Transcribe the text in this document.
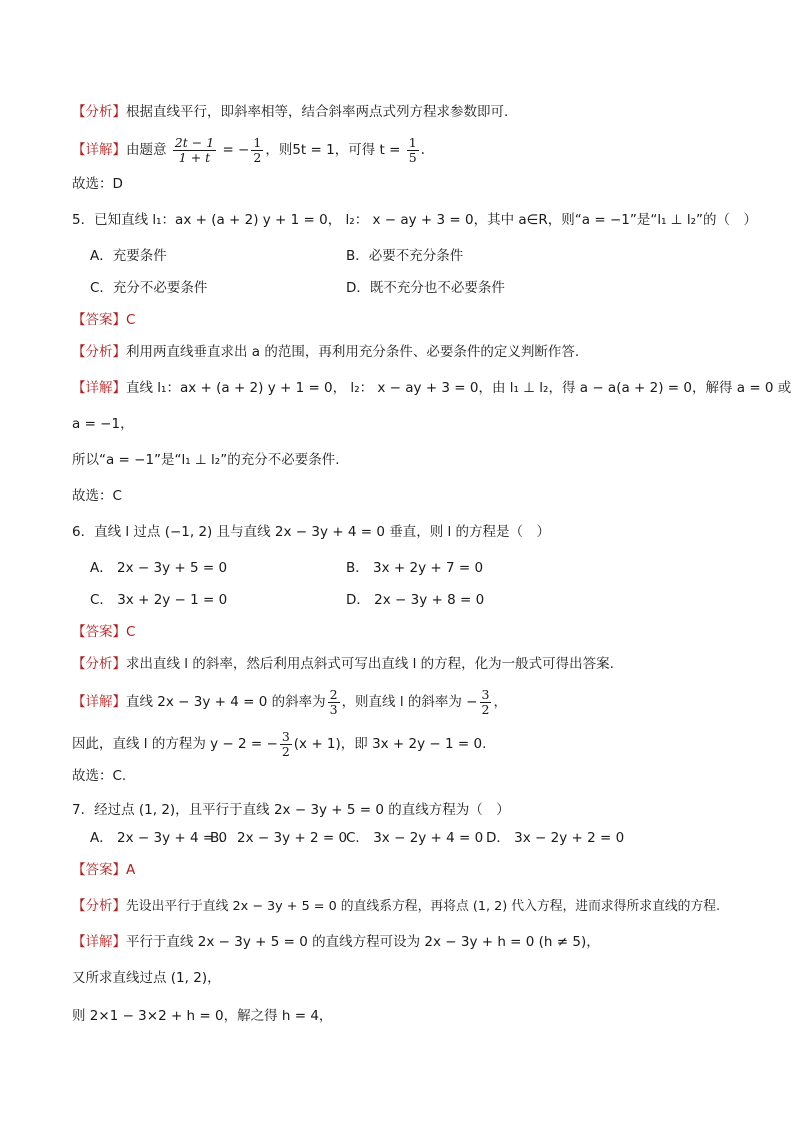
【分析】根据直线平行，即斜率相等，结合斜率两点式列方程求参数即可.
【详解】由题意 $\frac{2t - 1}{1 + t}$ = − $\frac{1}{2}$ ，则5t = 1，可得 $t = \frac{1}{5}$ .
故选：D
5．已知直线 l₁：ax + (a + 2) y + 1 = 0， l₂： x − ay + 3 = 0，其中 a∈R，则“a = −1”是“l₁ ⊥ l₂”的（　）
A．充要条件	B．必要不充分条件
C．充分不必要条件	D．既不充分也不必要条件
【答案】C
【分析】利用两直线垂直求出 a 的范围，再利用充分条件、必要条件的定义判断作答.
【详解】直线 l₁：ax + (a + 2) y + 1 = 0， l₂： x − ay + 3 = 0，由 l₁ ⊥ l₂，得 a − a(a + 2) = 0，解得 a = 0 或
a = −1，
所以“a = −1”是“l₁ ⊥ l₂”的充分不必要条件.
故选：C
6．直线 l 过点 (−1, 2) 且与直线 2x − 3y + 4 = 0 垂直，则 l 的方程是（　）
A． 2x − 3y + 5 = 0	B． 3x + 2y + 7 = 0
C． 3x + 2y − 1 = 0	D． 2x − 3y + 8 = 0
【答案】C
【分析】求出直线 l 的斜率，然后利用点斜式可写出直线 l 的方程，化为一般式可得出答案.
【详解】直线 2x − 3y + 4 = 0 的斜率为 $\frac{2}{3}$ ，则直线 l 的斜率为 − $\frac{3}{2}$ ，
因此，直线 l 的方程为 y − 2 = − $\frac{3}{2} (x + 1)$，即 3x + 2y − 1 = 0.
故选：C.
7．经过点 (1, 2)，且平行于直线 2x − 3y + 5 = 0 的直线方程为（　）
A． 2x − 3y + 4 = 0
B． 2x − 3y + 2 = 0
C． 3x − 2y + 4 = 0 D． 3x − 2y + 2 = 0
【答案】A
【分析】先设出平行于直线 2x − 3y + 5 = 0 的直线系方程，再将点 (1, 2) 代入方程，进而求得所求直线的方程.
【详解】平行于直线 2x − 3y + 5 = 0 的直线方程可设为 2x − 3y + h = 0 (h ≠ 5)，
又所求直线过点 (1, 2)，
则 2×1 − 3×2 + h = 0，解之得 h = 4，
